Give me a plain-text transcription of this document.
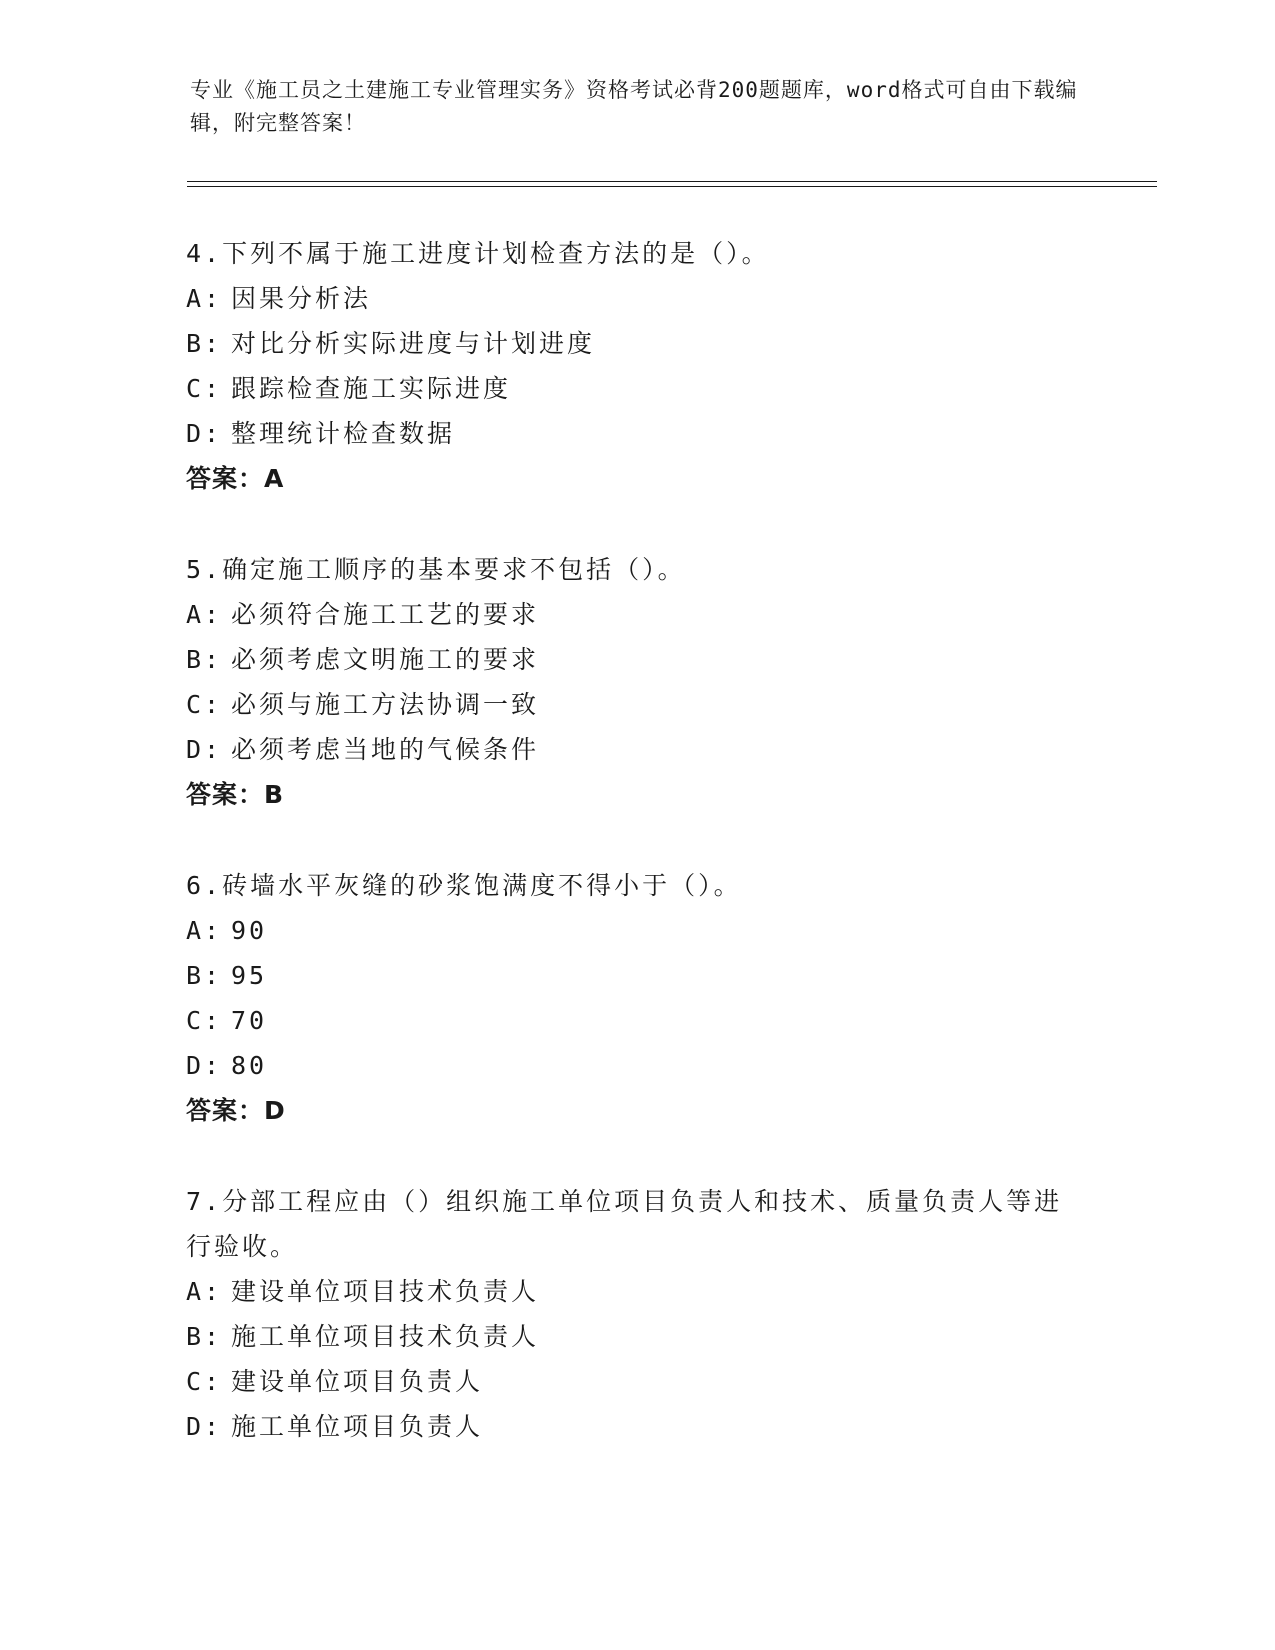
专业《施工员之土建施工专业管理实务》资格考试必背200题题库，word格式可自由下载编辑，附完整答案！
4.下列不属于施工进度计划检查方法的是（）。
A: 因果分析法
B: 对比分析实际进度与计划进度
C: 跟踪检查施工实际进度
D: 整理统计检查数据
答案：A
5.确定施工顺序的基本要求不包括（）。
A: 必须符合施工工艺的要求
B: 必须考虑文明施工的要求
C: 必须与施工方法协调一致
D: 必须考虑当地的气候条件
答案：B
6.砖墙水平灰缝的砂浆饱满度不得小于（）。
A: 90
B: 95
C: 70
D: 80
答案：D
7.分部工程应由（）组织施工单位项目负责人和技术、质量负责人等进行验收。
A: 建设单位项目技术负责人
B: 施工单位项目技术负责人
C: 建设单位项目负责人
D: 施工单位项目负责人
